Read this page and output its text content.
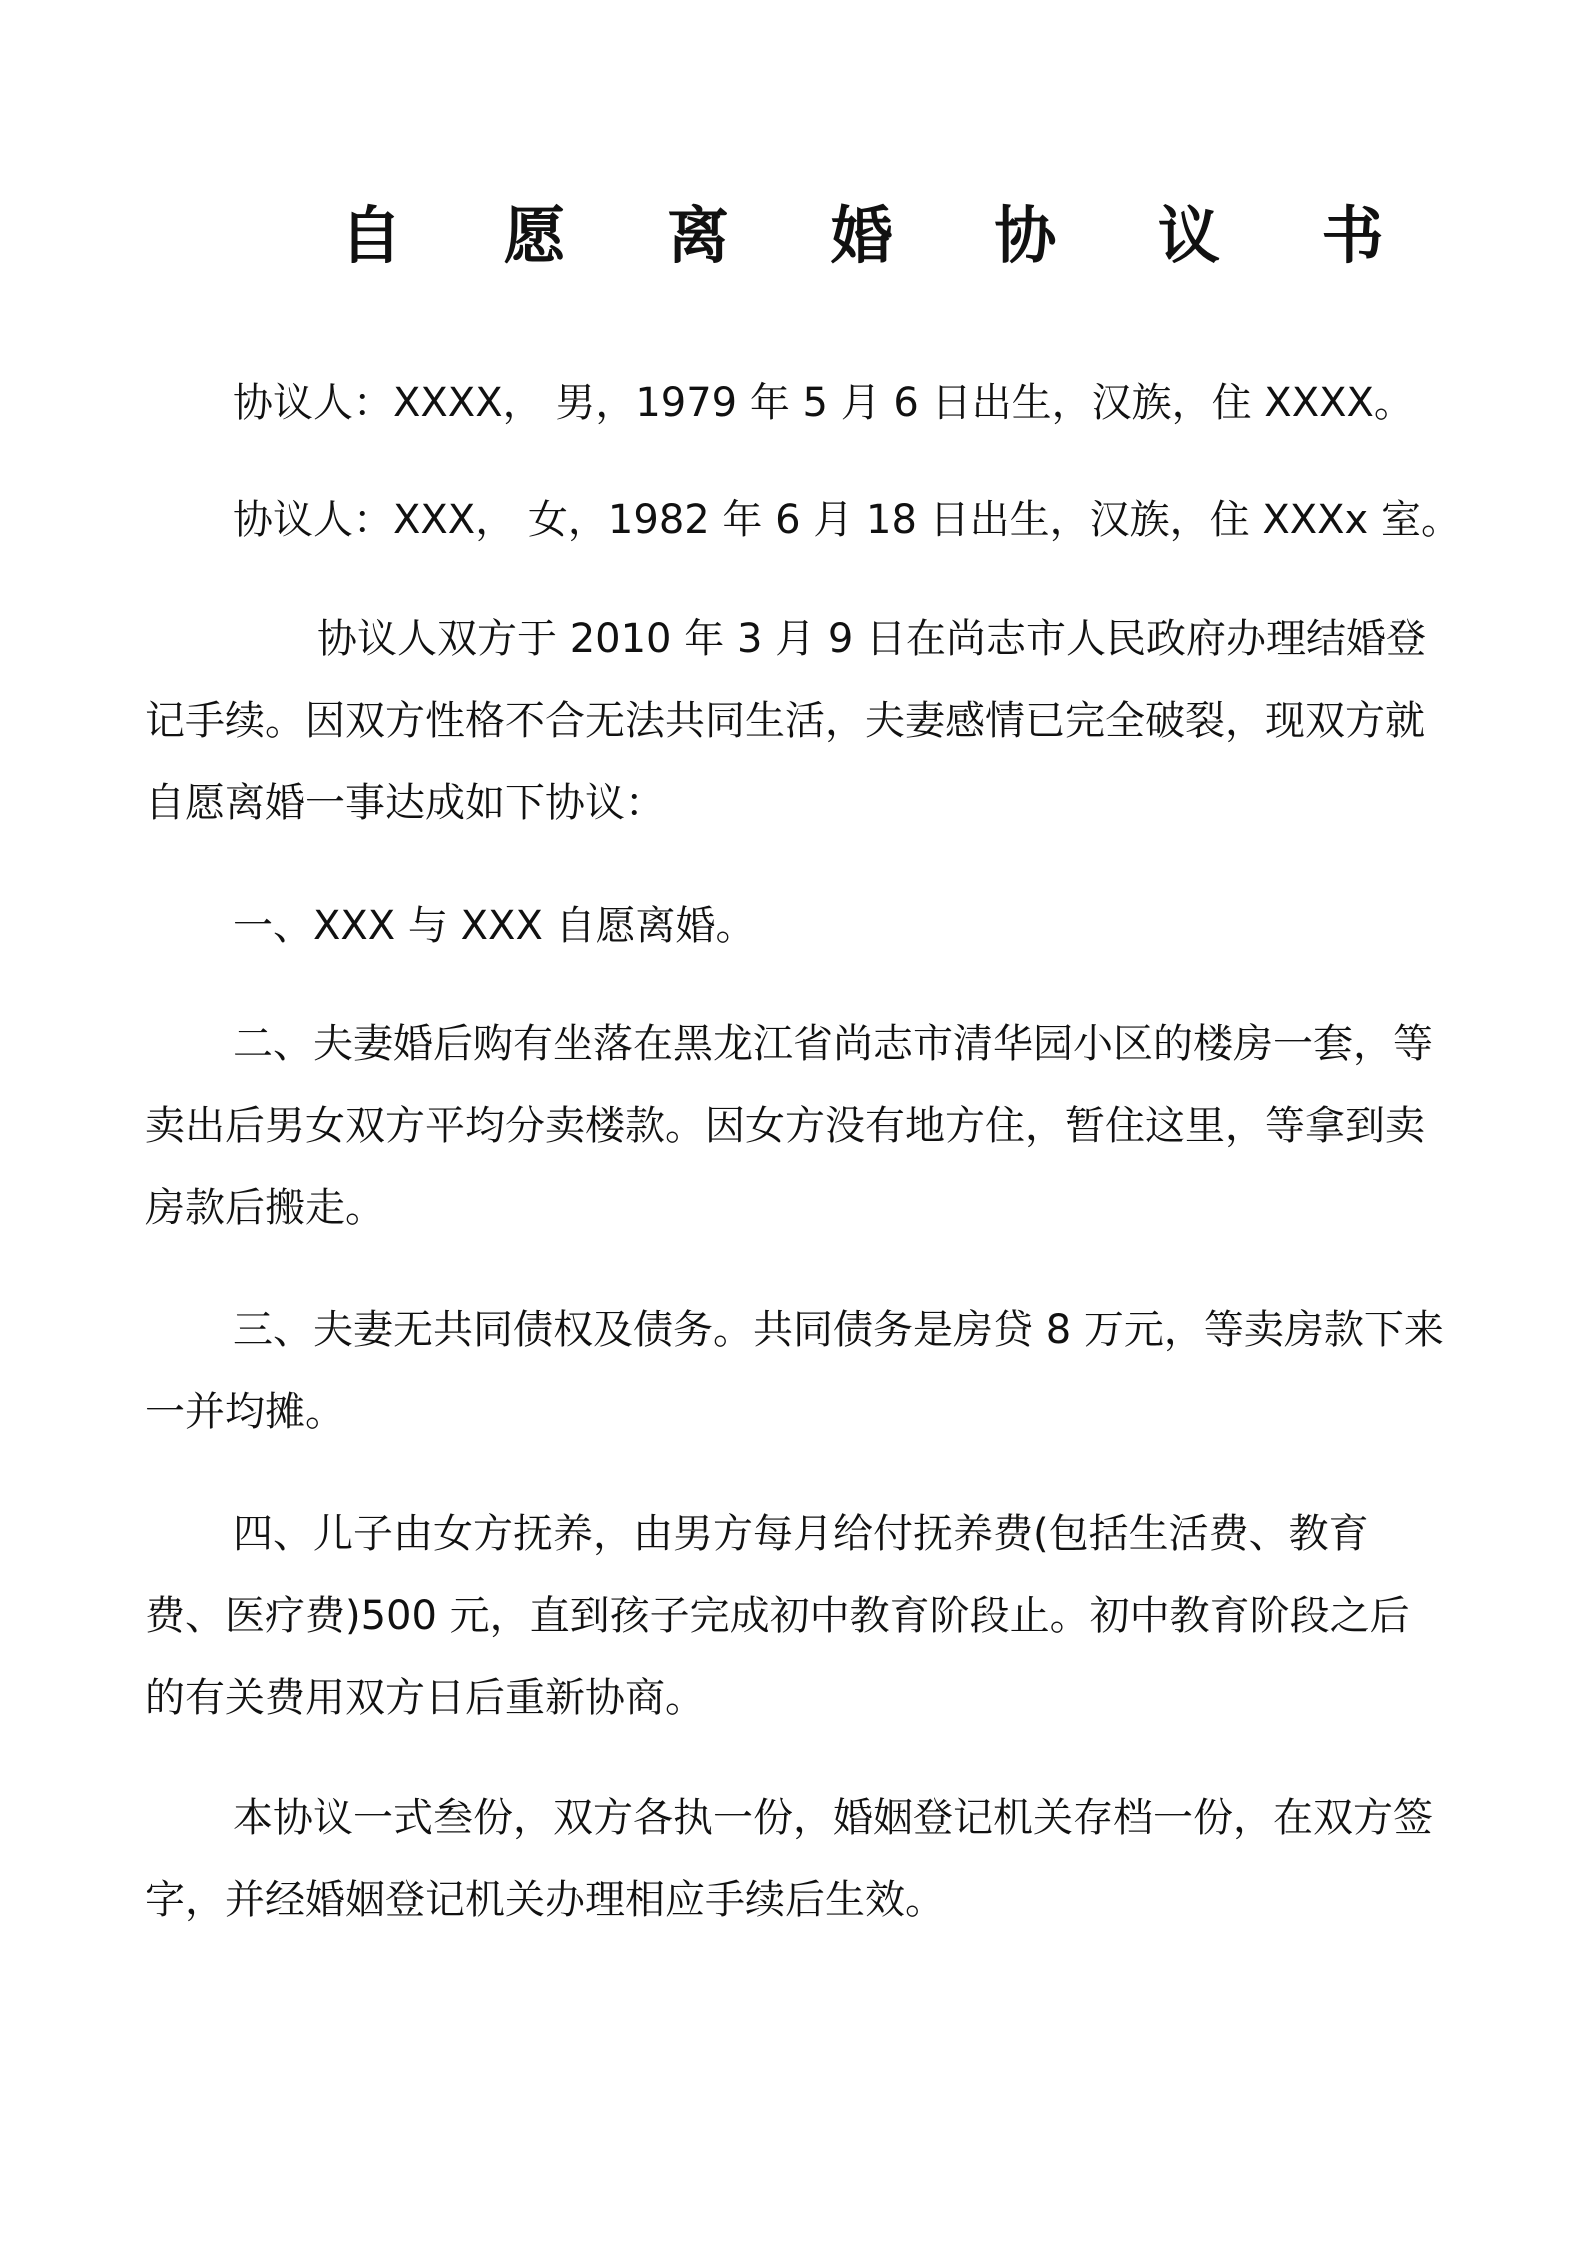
自 愿 离 婚 协 议 书

协议人：XXXX， 男，1979 年 5 月 6 日出生，汉族，住 XXXX。

协议人：XXX， 女，1982 年 6 月 18 日出生，汉族，住 XXXx 室。

协议人双方于 2010 年 3 月 9 日在尚志市人民政府办理结婚登记手续。因双方性格不合无法共同生活，夫妻感情已完全破裂，现双方就自愿离婚一事达成如下协议：

一、XXX 与 XXX 自愿离婚。

二、夫妻婚后购有坐落在黑龙江省尚志市清华园小区的楼房一套，等卖出后男女双方平均分卖楼款。因女方没有地方住，暂住这里，等拿到卖房款后搬走。

三、夫妻无共同债权及债务。共同债务是房贷 8 万元，等卖房款下来一并均摊。

四、儿子由女方抚养，由男方每月给付抚养费(包括生活费、教育费、医疗费)500 元，直到孩子完成初中教育阶段止。初中教育阶段之后的有关费用双方日后重新协商。

本协议一式叁份，双方各执一份，婚姻登记机关存档一份，在双方签字，并经婚姻登记机关办理相应手续后生效。
